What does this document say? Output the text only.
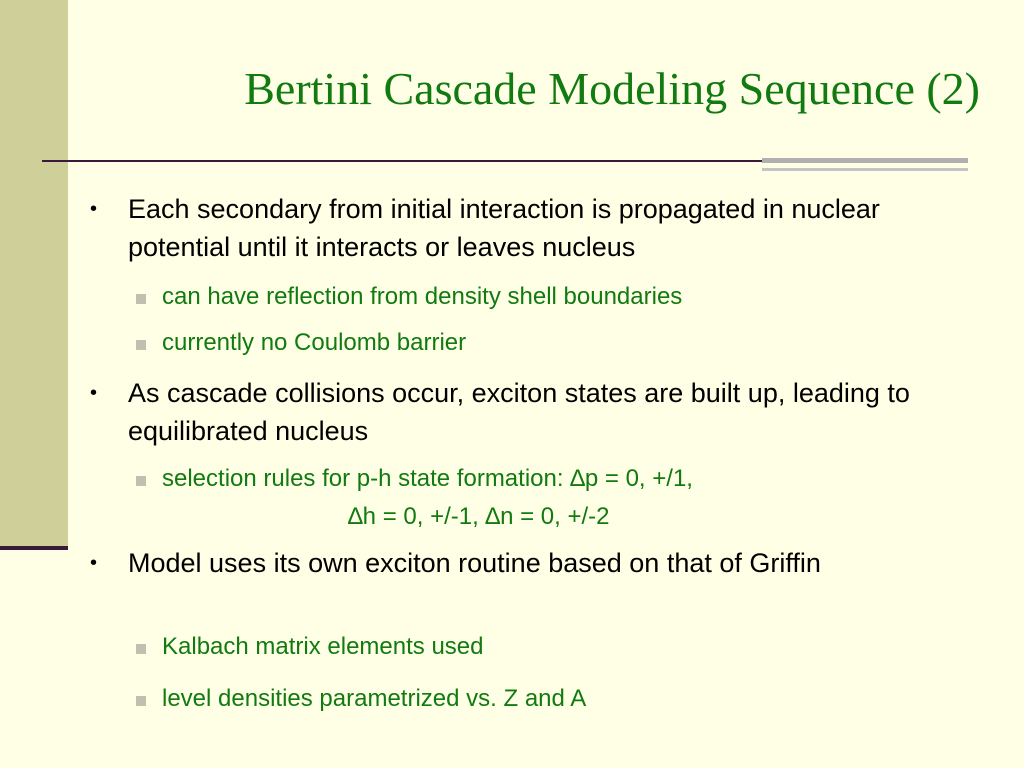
Bertini Cascade Modeling Sequence (2)
• Each secondary from initial interaction is propagated in nuclear potential until it interacts or leaves nucleus
can have reflection from density shell boundaries
currently no Coulomb barrier
• As cascade collisions occur, exciton states are built up, leading to equilibrated nucleus
selection rules for p-h state formation: ∆p = 0, +/1,
∆h = 0, +/-1, ∆n = 0, +/-2
• Model uses its own exciton routine based on that of Griffin
Kalbach matrix elements used
level densities parametrized vs. Z and A
